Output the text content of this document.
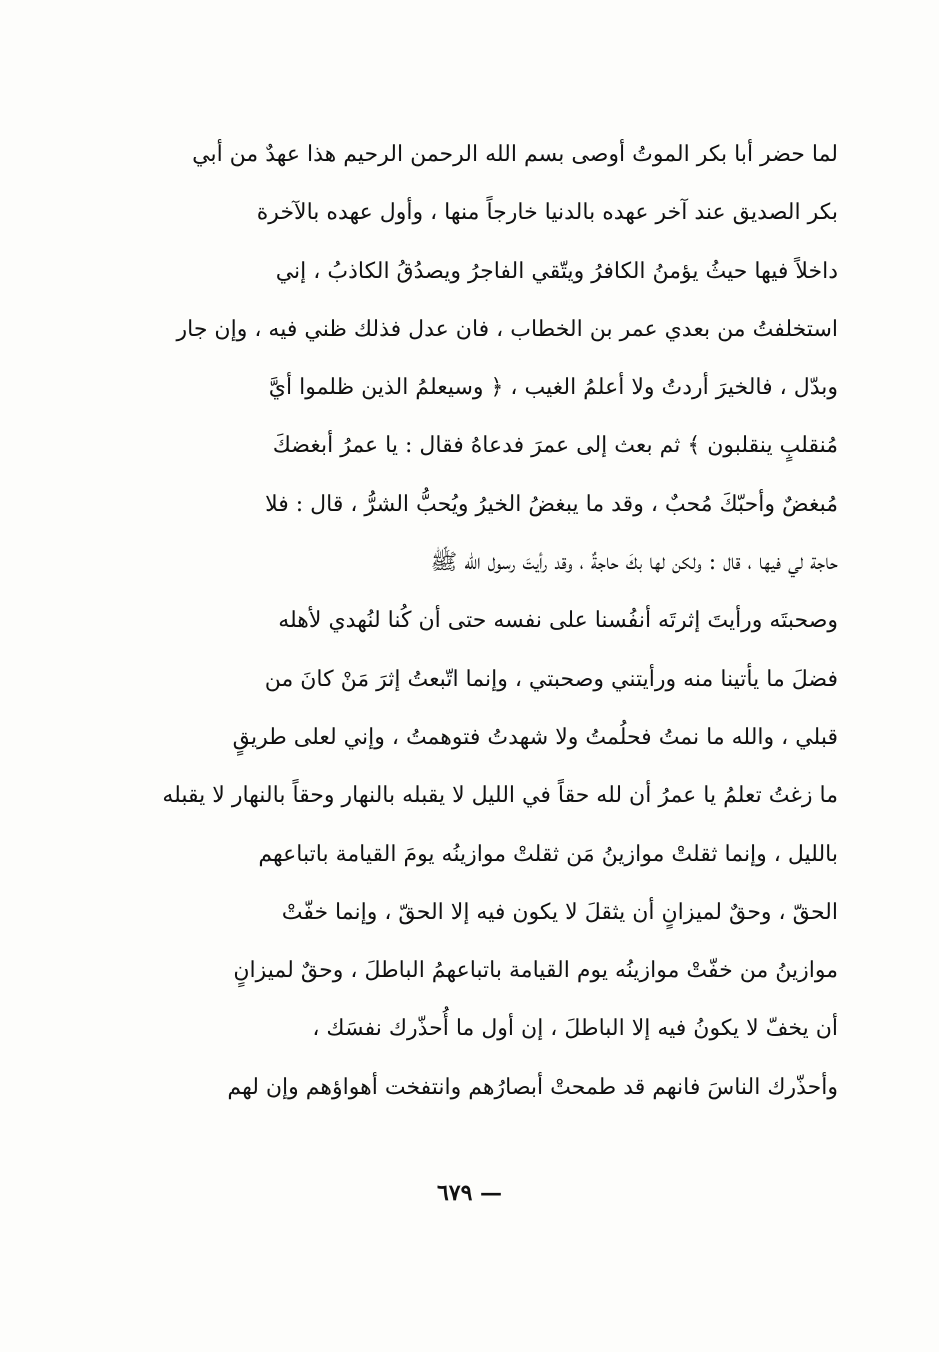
لما حضر أبا بكر الموتُ أوصى بسم الله الرحمن الرحيم هذا عهدٌ من أبي
بكر الصديق عند آخر عهده بالدنيا خارجاً منها ، وأول عهده بالآخرة
داخلاً فيها حيثُ يؤمنُ الكافرُ ويتّقي الفاجرُ ويصدُقُ الكاذبُ ، إني
استخلفتُ من بعدي عمر بن الخطاب ، فان عدل فذلك ظني فيه ، وإن جار
وبدّل ، فالخيرَ أردتُ ولا أعلمُ الغيب ، ﴿ وسيعلمُ الذين ظلموا أيَّ
مُنقلبٍ ينقلبون ﴾ ثم بعث إلى عمرَ فدعاهُ فقال : يا عمرُ أبغضكَ
مُبغضٌ وأحبّكَ مُحبٌ ، وقد ما يبغضُ الخيرُ ويُحبُّ الشرُّ ، قال : فلا
حاجة لي فيها ، قال : ولكن لها بكَ حاجةٌ ، وقد رأيتَ رسول الله ﷺ
وصحبتَه ورأيتَ إثرتَه أنفُسنا على نفسه حتى أن كُنا لنُهدي لأهله
فضلَ ما يأتينا منه ورأيتني وصحبتي ، وإنما اتّبعتُ إثرَ مَنْ كانَ من
قبلي ، والله ما نمتُ فحلُمتُ ولا شهدتُ فتوهمتُ ، وإني لعلى طريقٍ
ما زغتُ تعلمُ يا عمرُ أن لله حقاً في الليل لا يقبله بالنهار وحقاً بالنهار لا يقبله
بالليل ، وإنما ثقلتْ موازينُ مَن ثقلتْ موازينُه يومَ القيامة باتباعهم
الحقّ ، وحقٌ لميزانٍ أن يثقلَ لا يكون فيه إلا الحقّ ، وإنما خفّتْ
موازينُ من خفّتْ موازينُه يوم القيامة باتباعهمُ الباطلَ ، وحقٌ لميزانٍ
أن يخفّ لا يكونُ فيه إلا الباطلَ ، إن أول ما أُحذّرك نفسَك ،
وأحذّرك الناسَ فانهم قد طمحتْ أبصارُهم وانتفخت أهواؤهم وإن لهم
— ٦٧٩
